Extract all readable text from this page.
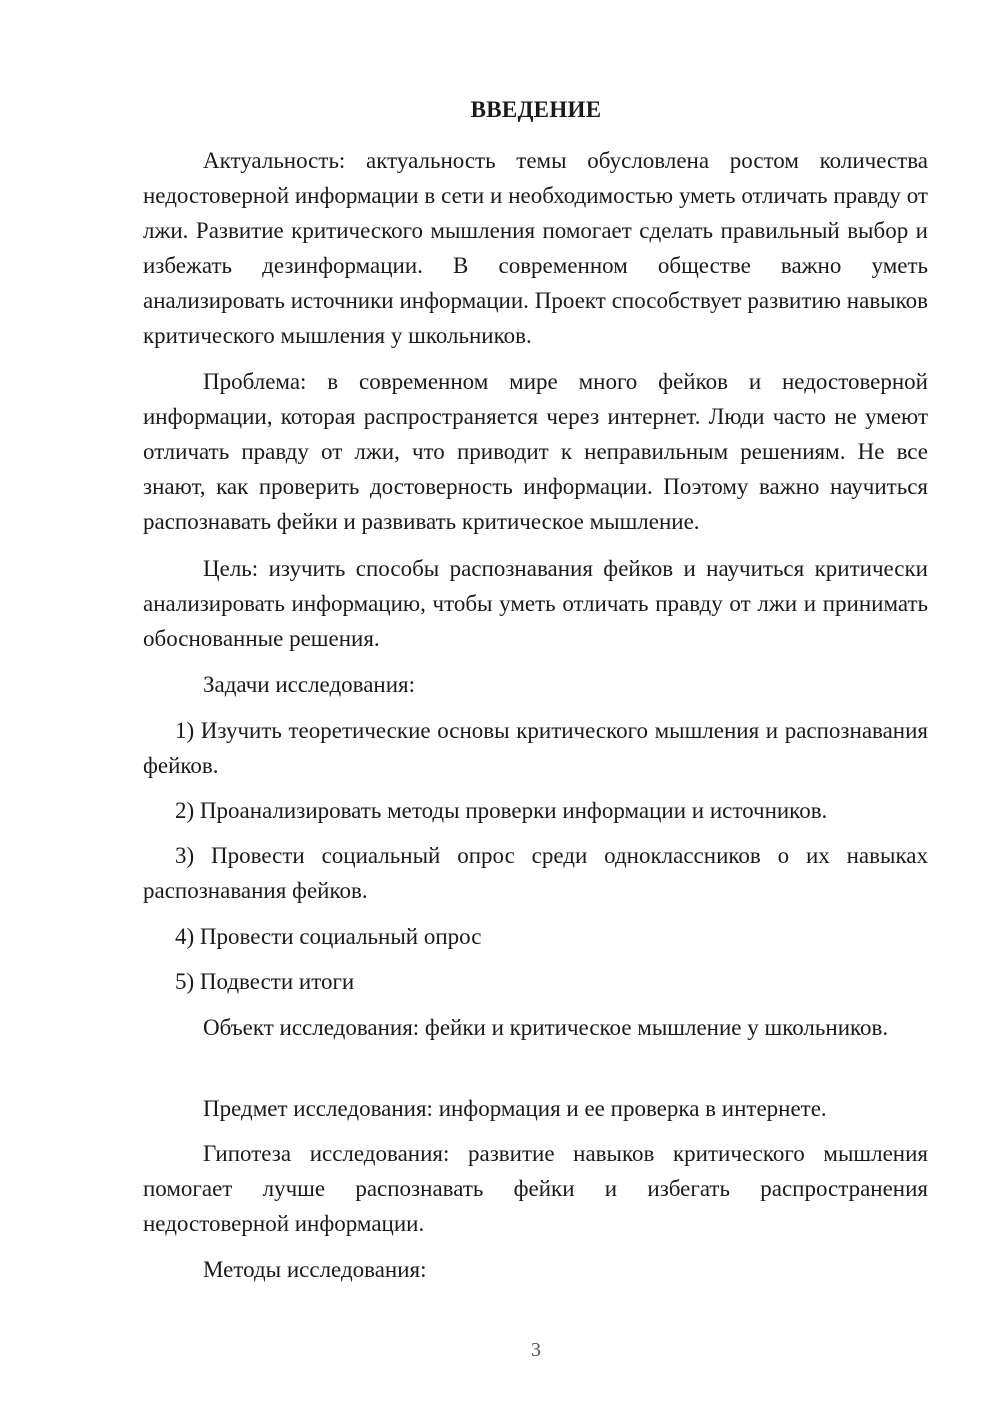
ВВЕДЕНИЕ

Актуальность: актуальность темы обусловлена ростом количества недостоверной информации в сети и необходимостью уметь отличать правду от лжи. Развитие критического мышления помогает сделать правильный выбор и избежать дезинформации. В современном обществе важно уметь анализировать источники информации. Проект способствует развитию навыков критического мышления у школьников.

Проблема: в современном мире много фейков и недостоверной информации, которая распространяется через интернет. Люди часто не умеют отличать правду от лжи, что приводит к неправильным решениям. Не все знают, как проверить достоверность информации. Поэтому важно научиться распознавать фейки и развивать критическое мышление.

Цель: изучить способы распознавания фейков и научиться критически анализировать информацию, чтобы уметь отличать правду от лжи и принимать обоснованные решения.

Задачи исследования:

1) Изучить теоретические основы критического мышления и распознавания фейков.

2) Проанализировать методы проверки информации и источников.

3) Провести социальный опрос среди одноклассников о их навыках распознавания фейков.

4) Провести социальный опрос

5) Подвести итоги

Объект исследования: фейки и критическое мышление у школьников.

Предмет исследования: информация и ее проверка в интернете.

Гипотеза исследования: развитие навыков критического мышления помогает лучше распознавать фейки и избегать распространения недостоверной информации.

Методы исследования:

3
